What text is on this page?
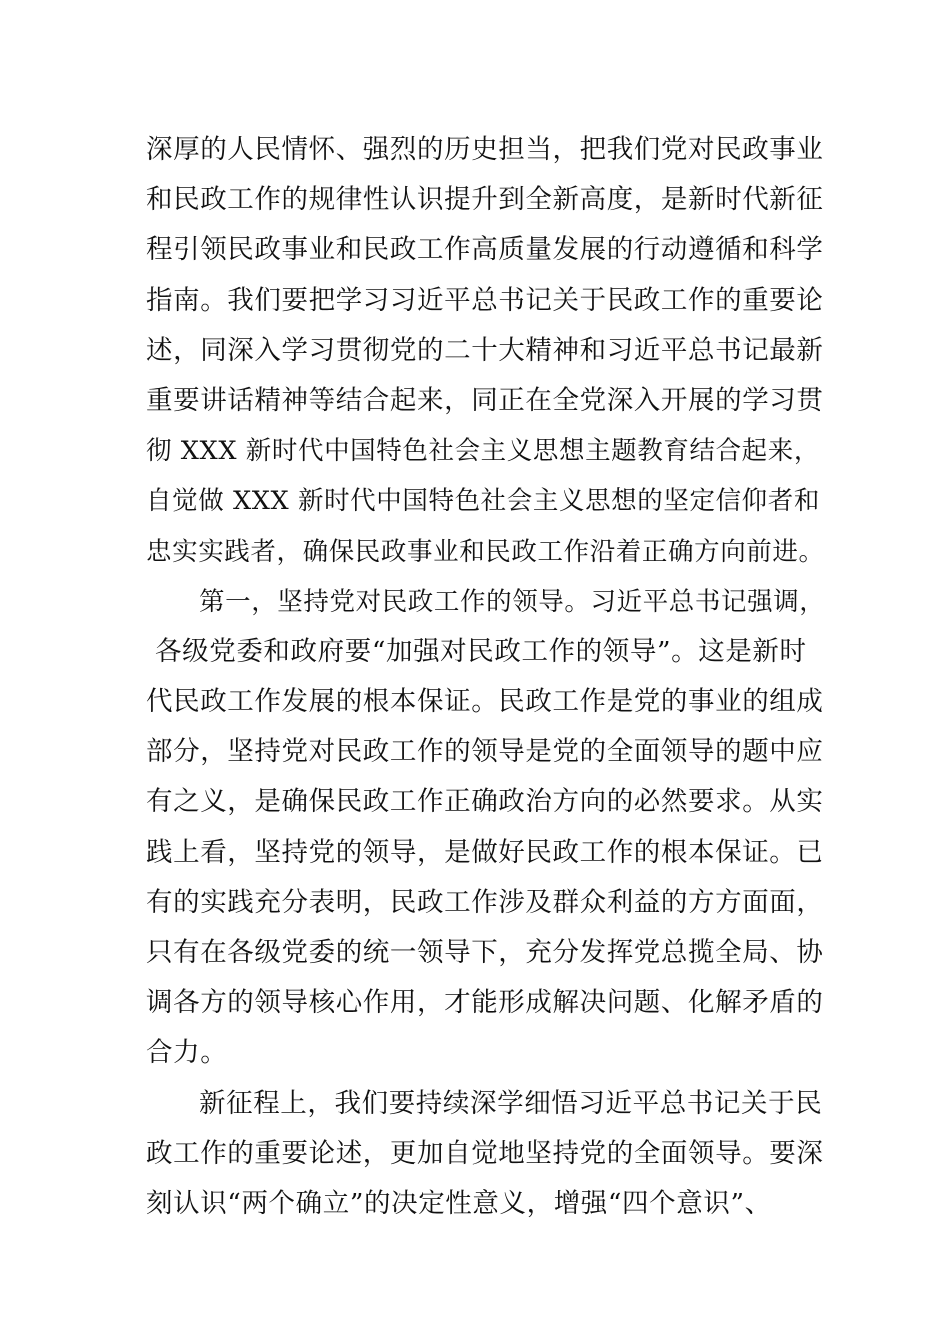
深厚的人民情怀、强烈的历史担当，把我们党对民政事业
和民政工作的规律性认识提升到全新高度，是新时代新征
程引领民政事业和民政工作高质量发展的行动遵循和科学
指南。我们要把学习习近平总书记关于民政工作的重要论
述，同深入学习贯彻党的二十大精神和习近平总书记最新
重要讲话精神等结合起来，同正在全党深入开展的学习贯
彻 XXX 新时代中国特色社会主义思想主题教育结合起来，
自觉做 XXX 新时代中国特色社会主义思想的坚定信仰者和
忠实实践者，确保民政事业和民政工作沿着正确方向前进。
第一，坚持党对民政工作的领导。习近平总书记强调，
各级党委和政府要“加强对民政工作的领导”。这是新时
代民政工作发展的根本保证。民政工作是党的事业的组成
部分，坚持党对民政工作的领导是党的全面领导的题中应
有之义，是确保民政工作正确政治方向的必然要求。从实
践上看，坚持党的领导，是做好民政工作的根本保证。已
有的实践充分表明，民政工作涉及群众利益的方方面面，
只有在各级党委的统一领导下，充分发挥党总揽全局、协
调各方的领导核心作用，才能形成解决问题、化解矛盾的
合力。
新征程上，我们要持续深学细悟习近平总书记关于民
政工作的重要论述，更加自觉地坚持党的全面领导。要深
刻认识“两个确立”的决定性意义，增强“四个意识”、
